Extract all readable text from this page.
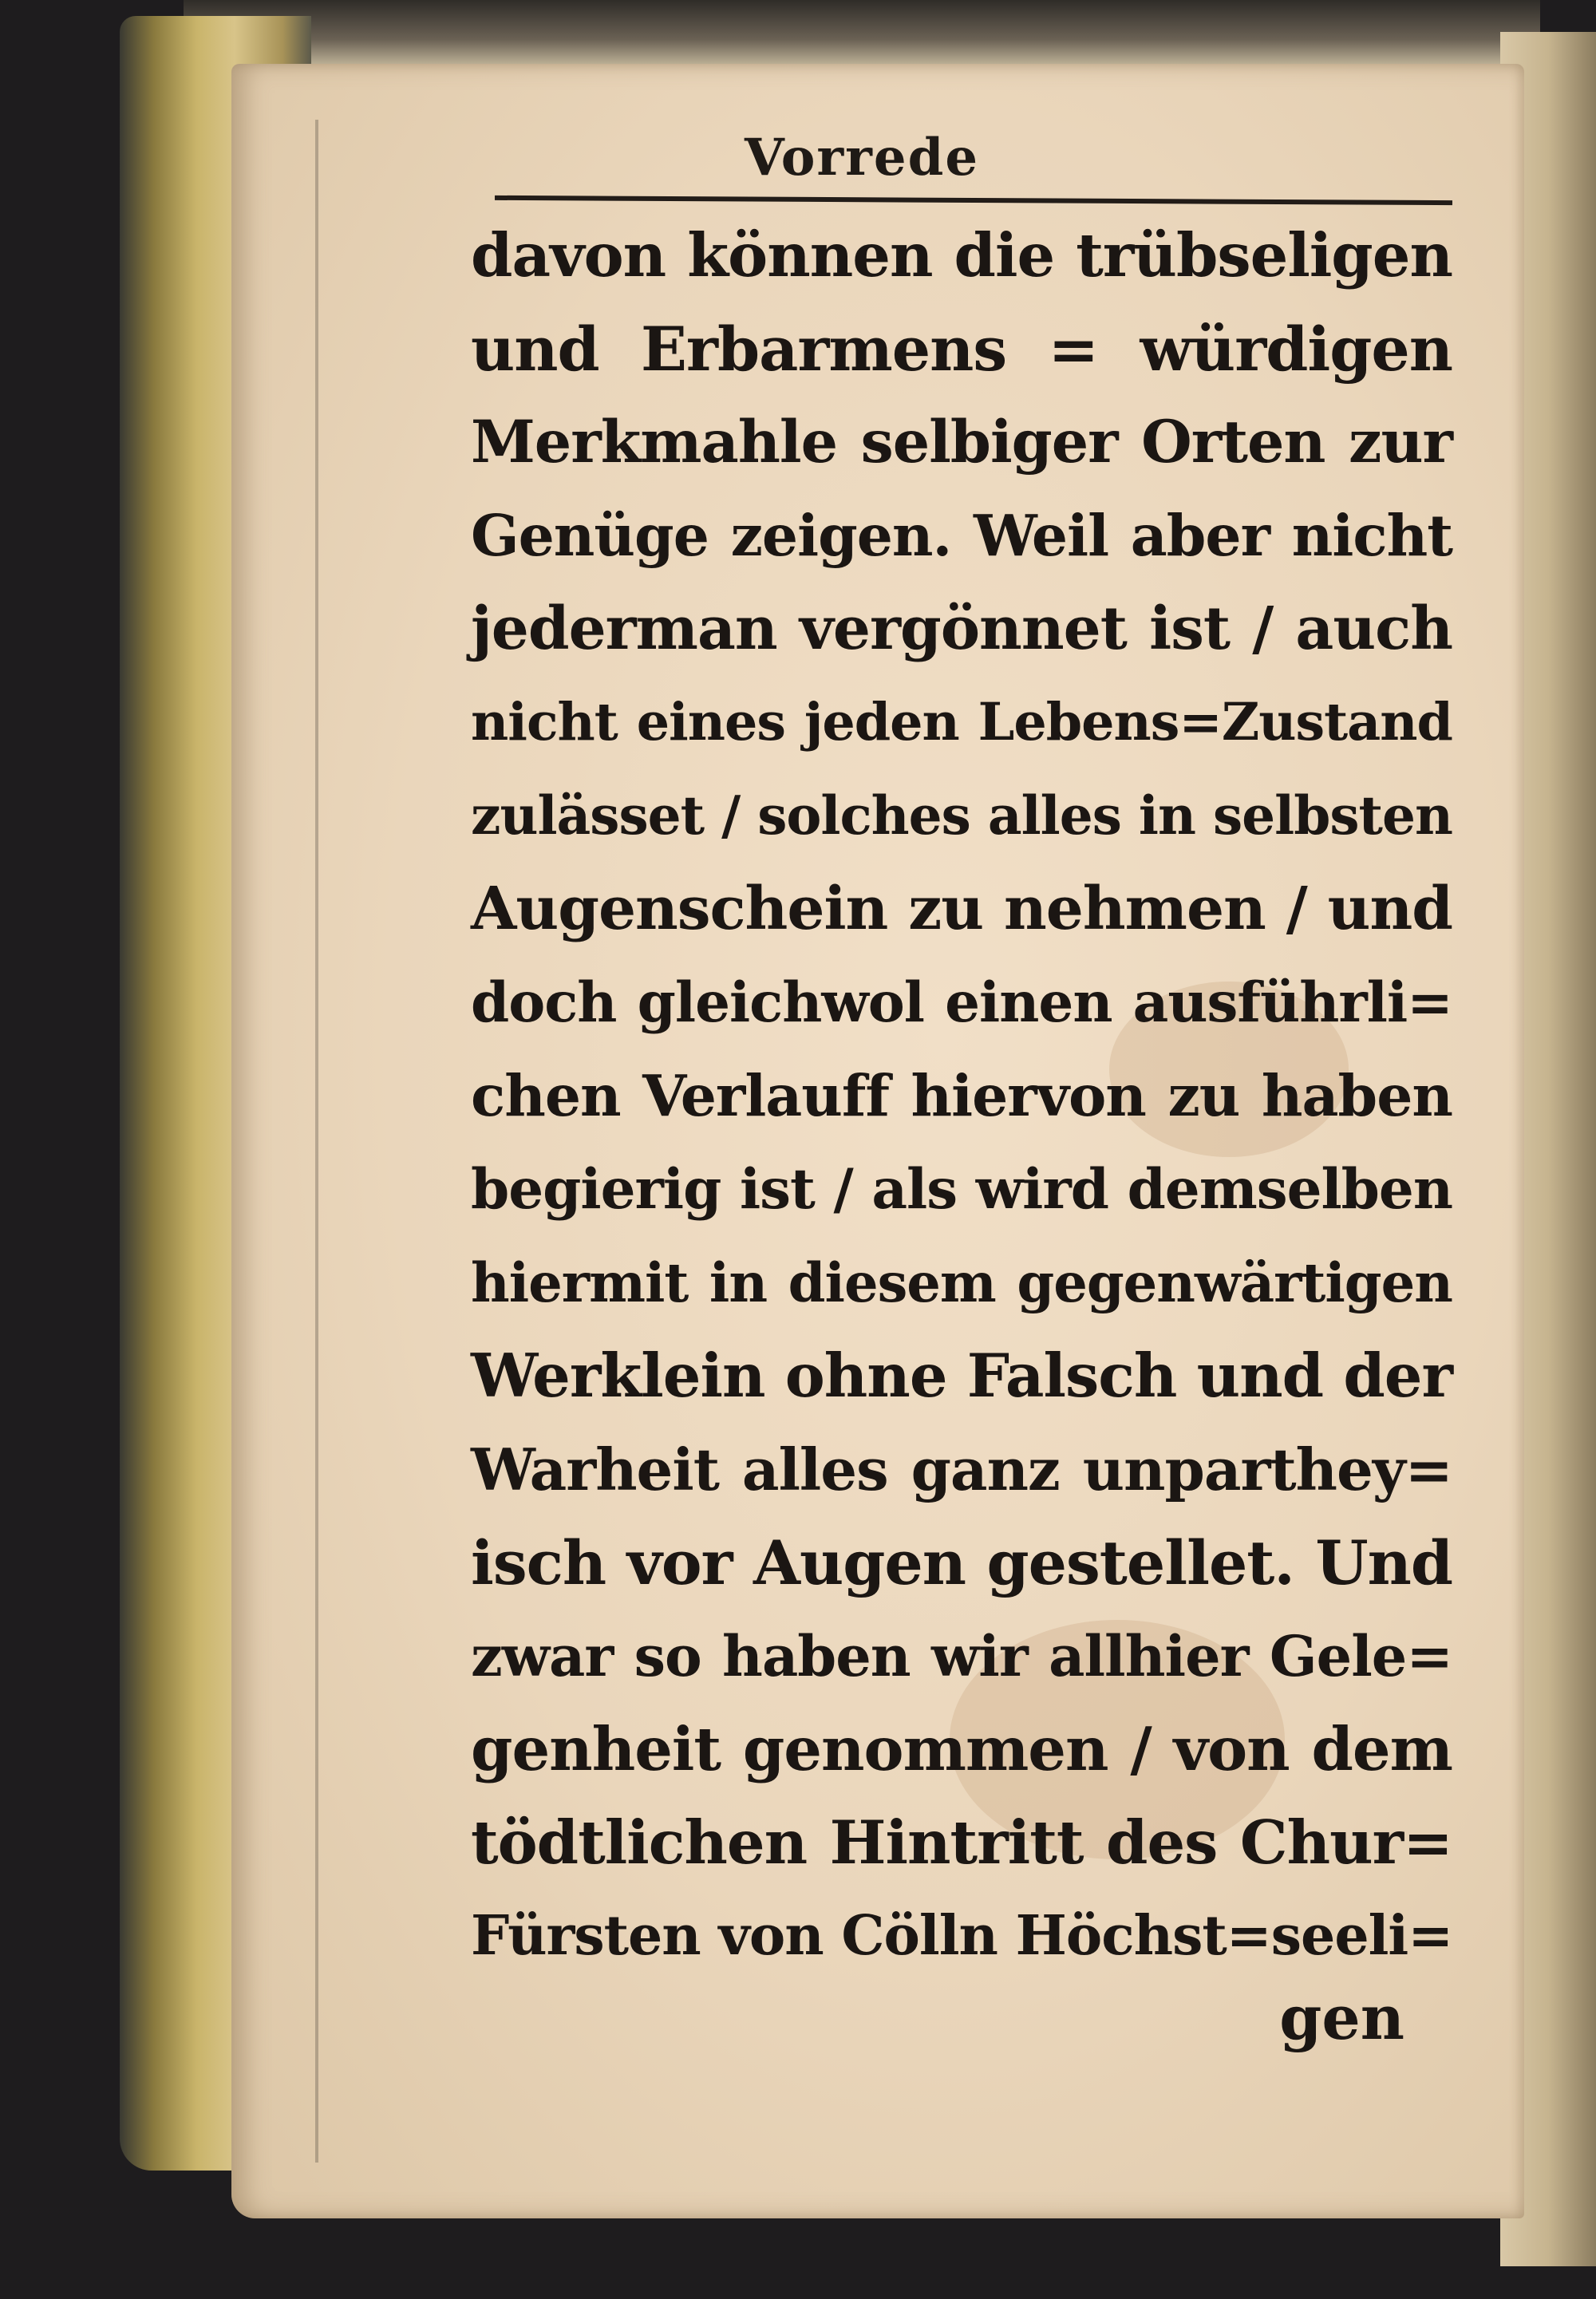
Vorrede
davon können die trübseligen
und Erbarmens = würdigen
Merkmahle selbiger Orten zur
Genüge zeigen. Weil aber nicht
jederman vergönnet ist / auch
nicht eines jeden Lebens=Zustand
zulässet / solches alles in selbsten
Augenschein zu nehmen / und
doch gleichwol einen ausführli=
chen Verlauff hiervon zu haben
begierig ist / als wird demselben
hiermit in diesem gegenwärtigen
Werklein ohne Falsch und der
Warheit alles ganz unparthey=
isch vor Augen gestellet. Und
zwar so haben wir allhier Gele=
genheit genommen / von dem
tödtlichen Hintritt des Chur=
Fürsten von Cölln Höchst=seeli=
gen
